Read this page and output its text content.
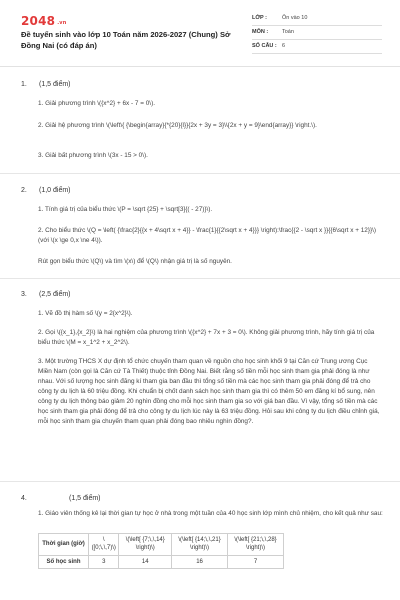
2048 .vn
Đề tuyển sinh vào lớp 10 Toán năm 2026-2027 (Chung) Sở Đồng Nai (có đáp án)
LỚP :	Ôn vào 10
MÔN :	Toán
SỐ CÂU : 6
1.	(1,5 điểm)
1. Giải phương trình \({x^2} + 6x - 7 = 0\).
2. Giải hệ phương trình \(\left\{ {\begin{array}{*{20}{l}}{2x + 3y = 3}\\{2x + y = 9}\end{array}} \right.\).
3. Giải bất phương trình \(3x - 15 > 0\).
2.	(1,0 điểm)
1. Tính giá trị của biểu thức \(P = \sqrt {25} + \sqrt[3]{( - 27)}\).
2. Cho biểu thức \(Q = \left( {\frac{2}{{x + 4\sqrt x + 4}} - \frac{1}{{2\sqrt x + 4}}} \right):\frac{{2 - \sqrt x }}{{6\sqrt x + 12}}\) (với \(x \ge 0,x \ne 4\)).
Rút gọn biểu thức \(Q\) và tìm \(x\) để \(Q\) nhận giá trị là số nguyên.
3.	(2,5 điểm)
1. Vẽ đồ thị hàm số \(y = 2{x^2}\).
2. Gọi \({x_1},{x_2}\) là hai nghiệm của phương trình \({x^2} + 7x + 3 = 0\). Không giải phương trình, hãy tính giá trị của biểu thức \(M = x_1^2 + x_2^2\).
3. Một trường THCS X dự định tổ chức chuyến tham quan về nguồn cho học sinh khối 9 tại Căn cứ Trung ương Cục Miền Nam (còn gọi là Căn cứ Tà Thiết) thuộc tỉnh Đồng Nai. Biết rằng số tiền mỗi học sinh tham gia phải đóng là như nhau. Với số lượng học sinh đăng kí tham gia ban đầu thì tổng số tiền mà các học sinh tham gia phải đóng để trả cho công ty du lịch là 60 triệu đồng. Khi chuẩn bị chốt danh sách học sinh tham gia thì có thêm 50 em đăng kí bổ sung, nên công ty du lịch thông báo giảm 20 nghìn đồng cho mỗi học sinh tham gia so với giá ban đầu. Vì vậy, tổng số tiền mà các học sinh tham gia phải đóng để trả cho công ty du lịch lúc này là 63 triệu đồng. Hỏi sau khi công ty du lịch điều chỉnh giá, mỗi học sinh tham gia chuyến tham quan phải đóng bao nhiêu nghìn đồng?.
4.	(1,5 điểm)
1. Giáo viên thống kê lại thời gian tự học ở nhà trong một tuần của 40 học sinh lớp mình chủ nhiệm, cho kết quả như sau:
Thời gian (giờ)	\([0;\,\,7)\)	\(\left[ {7;\,\,14} \right)\)	\(\left[ {14;\,\,21} \right)\)	\(\left[ {21;\,\,28} \right)\)
Số học sinh	3	14	16	7
